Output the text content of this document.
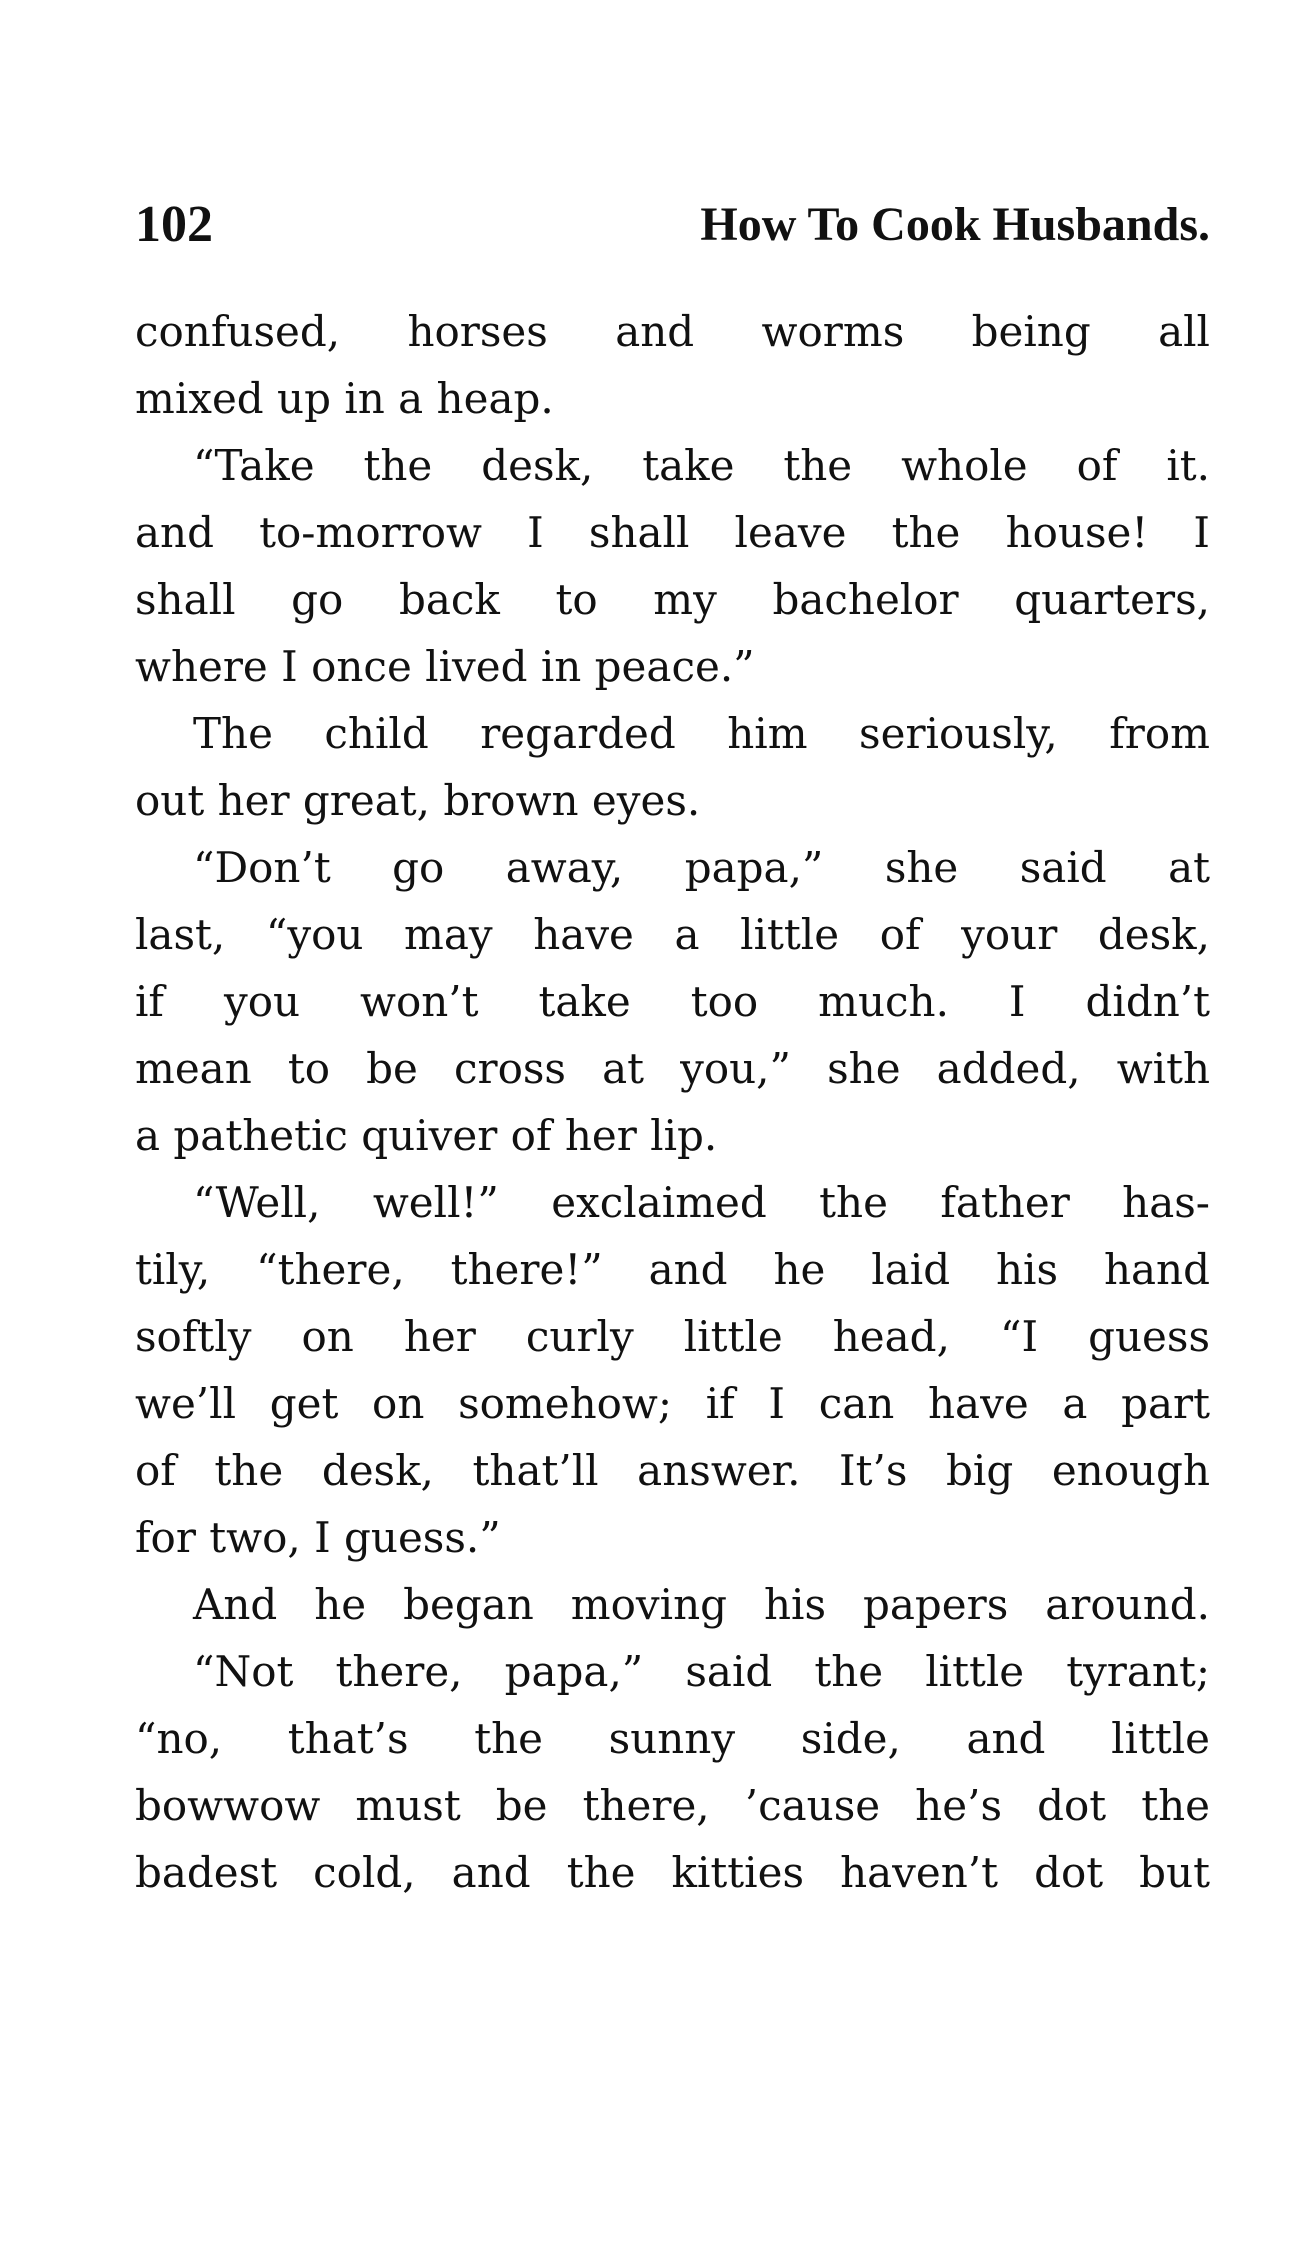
102	How To Cook Husbands.
confused, horses and worms being all
mixed up in a heap.
“Take the desk, take the whole of it.
and to-morrow I shall leave the house! I
shall go back to my bachelor quarters,
where I once lived in peace.”
The child regarded him seriously, from
out her great, brown eyes.
“Don’t go away, papa,” she said at
last, “you may have a little of your desk,
if you won’t take too much. I didn’t
mean to be cross at you,” she added, with
a pathetic quiver of her lip.
“Well, well!” exclaimed the father has-
tily, “there, there!” and he laid his hand
softly on her curly little head, “I guess
we’ll get on somehow; if I can have a part
of the desk, that’ll answer. It’s big enough
for two, I guess.”
And he began moving his papers around.
“Not there, papa,” said the little tyrant;
“no, that’s the sunny side, and little
bowwow must be there, ’cause he’s dot the
badest cold, and the kitties haven’t dot but
